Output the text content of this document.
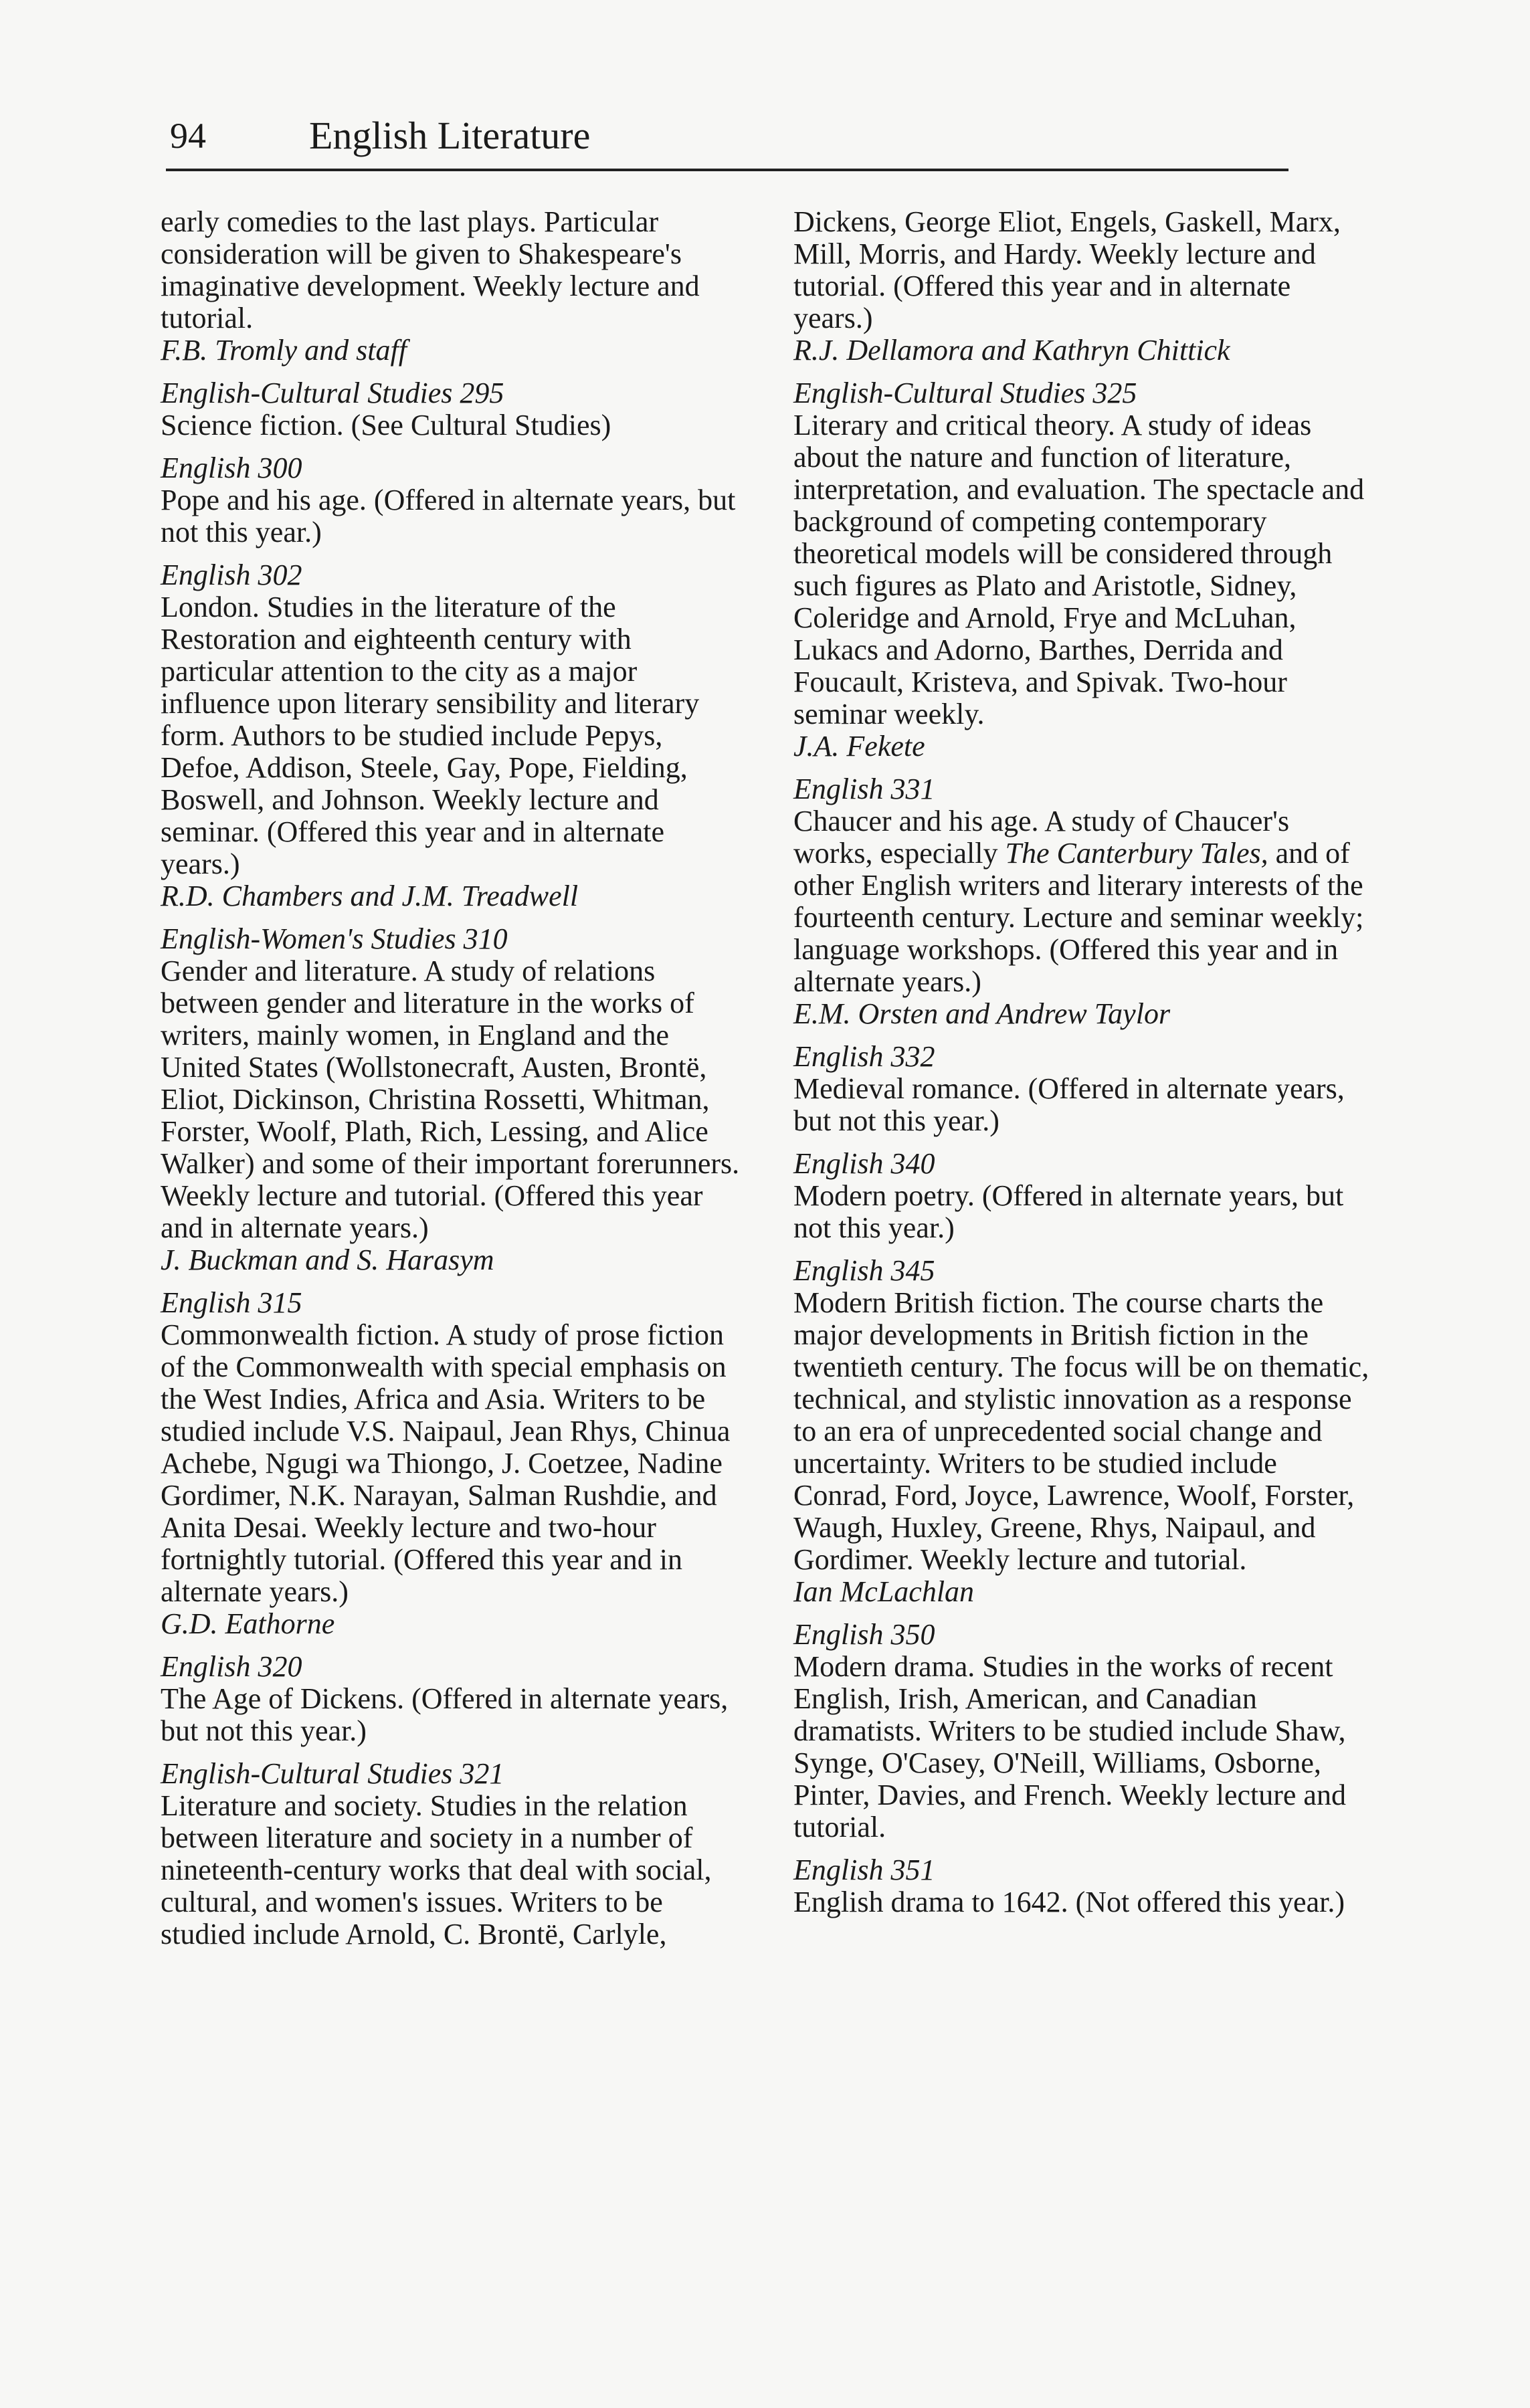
94	English Literature

early comedies to the last plays. Particular consideration will be given to Shakespeare's imaginative development. Weekly lecture and tutorial.

F.B. Tromly and staff

English-Cultural Studies 295

Science fiction. (See Cultural Studies)

English 300

Pope and his age. (Offered in alternate years, but not this year.)

English 302

London. Studies in the literature of the Restoration and eighteenth century with particular attention to the city as a major influence upon literary sensibility and literary form. Authors to be studied include Pepys, Defoe, Addison, Steele, Gay, Pope, Fielding, Boswell, and Johnson. Weekly lecture and seminar. (Offered this year and in alternate years.)

R.D. Chambers and J.M. Treadwell

English-Women's Studies 310

Gender and literature. A study of relations between gender and literature in the works of writers, mainly women, in England and the United States (Wollstonecraft, Austen, Brontë, Eliot, Dickinson, Christina Rossetti, Whitman, Forster, Woolf, Plath, Rich, Lessing, and Alice Walker) and some of their important forerunners. Weekly lecture and tutorial. (Offered this year and in alternate years.)

J. Buckman and S. Harasym

English 315

Commonwealth fiction. A study of prose fiction of the Commonwealth with special emphasis on the West Indies, Africa and Asia. Writers to be studied include V.S. Naipaul, Jean Rhys, Chinua Achebe, Ngugi wa Thiongo, J. Coetzee, Nadine Gordimer, N.K. Narayan, Salman Rushdie, and Anita Desai. Weekly lecture and two-hour fortnightly tutorial. (Offered this year and in alternate years.)

G.D. Eathorne

English 320

The Age of Dickens. (Offered in alternate years, but not this year.)

English-Cultural Studies 321

Literature and society. Studies in the relation between literature and society in a number of nineteenth-century works that deal with social, cultural, and women's issues. Writers to be studied include Arnold, C. Brontë, Carlyle,

Dickens, George Eliot, Engels, Gaskell, Marx, Mill, Morris, and Hardy. Weekly lecture and tutorial. (Offered this year and in alternate years.)

R.J. Dellamora and Kathryn Chittick

English-Cultural Studies 325

Literary and critical theory. A study of ideas about the nature and function of literature, interpretation, and evaluation. The spectacle and background of competing contemporary theoretical models will be considered through such figures as Plato and Aristotle, Sidney, Coleridge and Arnold, Frye and McLuhan, Lukacs and Adorno, Barthes, Derrida and Foucault, Kristeva, and Spivak. Two-hour seminar weekly.

J.A. Fekete

English 331

Chaucer and his age. A study of Chaucer's works, especially The Canterbury Tales, and of other English writers and literary interests of the fourteenth century. Lecture and seminar weekly; language workshops. (Offered this year and in alternate years.)

E.M. Orsten and Andrew Taylor

English 332

Medieval romance. (Offered in alternate years, but not this year.)

English 340

Modern poetry. (Offered in alternate years, but not this year.)

English 345

Modern British fiction. The course charts the major developments in British fiction in the twentieth century. The focus will be on thematic, technical, and stylistic innovation as a response to an era of unprecedented social change and uncertainty. Writers to be studied include Conrad, Ford, Joyce, Lawrence, Woolf, Forster, Waugh, Huxley, Greene, Rhys, Naipaul, and Gordimer. Weekly lecture and tutorial.

Ian McLachlan

English 350

Modern drama. Studies in the works of recent English, Irish, American, and Canadian dramatists. Writers to be studied include Shaw, Synge, O'Casey, O'Neill, Williams, Osborne, Pinter, Davies, and French. Weekly lecture and tutorial.

English 351

English drama to 1642. (Not offered this year.)
